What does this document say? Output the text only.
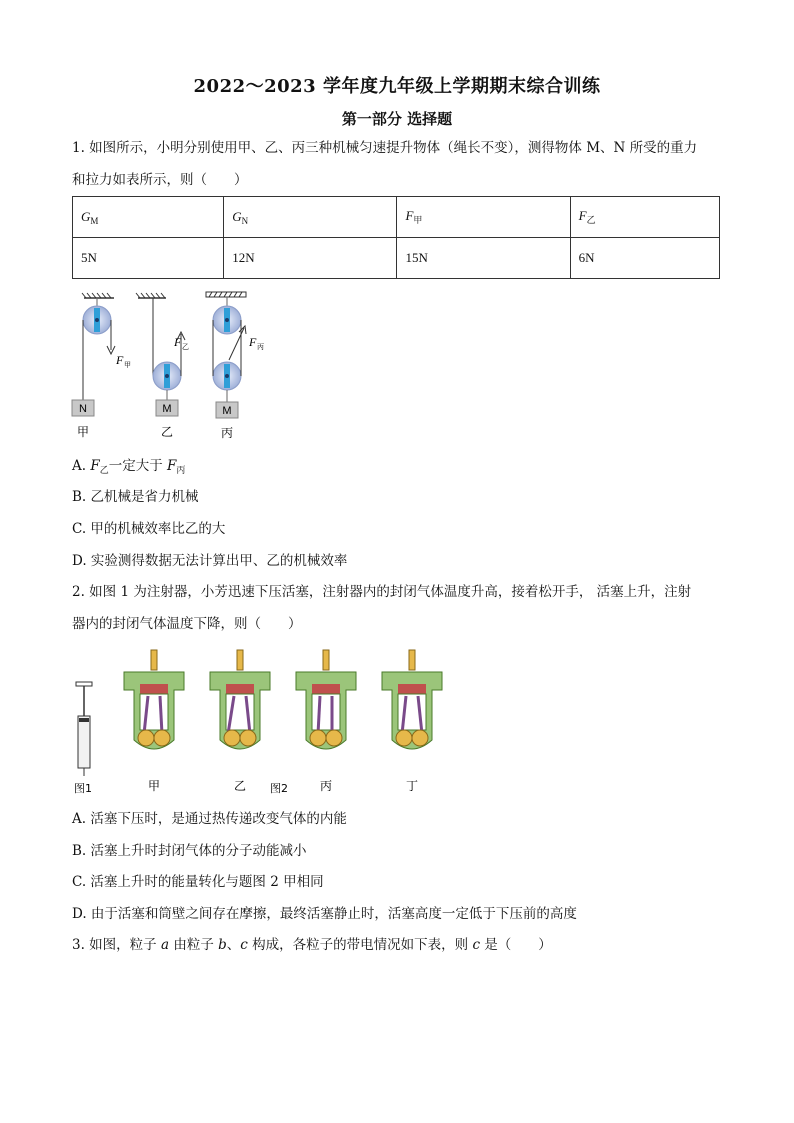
2022～2023 学年度九年级上学期期末综合训练
第一部分 选择题
1. 如图所示，小明分别使用甲、乙、丙三种机械匀速提升物体（绳长不变），测得物体 M、N 所受的重力
和拉力如表所示，则（　　）
$G_M$	$G_N$	$F_甲$	$F_乙$
5N	12N	15N	6N
F 甲
N
甲
F 乙
M
乙
F 丙
M
丙
A. $F_乙$一定大于 $F_丙$
B. 乙机械是省力机械
C. 甲的机械效率比乙的大
D. 实验测得数据无法计算出甲、乙的机械效率
2. 如图 1 为注射器，小芳迅速下压活塞，注射器内的封闭气体温度升高，接着松开手， 活塞上升，注射
器内的封闭气体温度下降，则（　　）
图1	图2
甲	乙	丙	丁
A. 活塞下压时，是通过热传递改变气体的内能
B. 活塞上升时封闭气体的分子动能减小
C. 活塞上升时的能量转化与题图 2 甲相同
D. 由于活塞和筒壁之间存在摩擦，最终活塞静止时，活塞高度一定低于下压前的高度
3. 如图，粒子 a 由粒子 b、c 构成，各粒子的带电情况如下表，则 c 是（　　）
